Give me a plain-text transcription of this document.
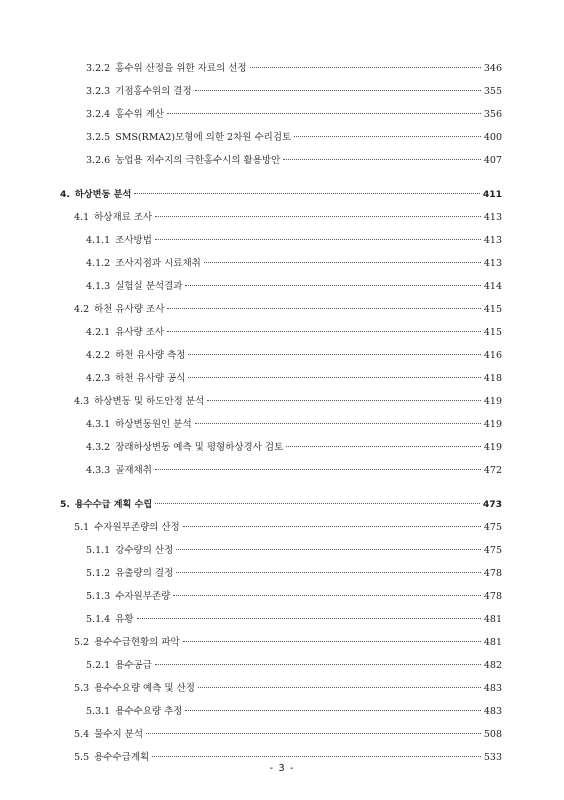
3.2.2 홍수위 산정을 위한 자료의 선정	346
3.2.3 기점홍수위의 결정	355
3.2.4 홍수위 계산	356
3.2.5 SMS(RMA2)모형에 의한 2차원 수리검토	400
3.2.6 농업용 저수지의 극한홍수시의 활용방안	407
4. 하상변동 분석	411
4.1 하상재료 조사	413
4.1.1 조사방법	413
4.1.2 조사지점과 시료채취	413
4.1.3 실험실 분석결과	414
4.2 하천 유사량 조사	415
4.2.1 유사량 조사	415
4.2.2 하천 유사량 측정	416
4.2.3 하천 유사량 공식	418
4.3 하상변동 및 하도안정 분석	419
4.3.1 하상변동원인 분석	419
4.3.2 장래하상변동 예측 및 평형하상경사 검토	419
4.3.3 골재채취	472
5. 용수수급 계획 수립	473
5.1 수자원부존량의 산정	475
5.1.1 강수량의 산정	475
5.1.2 유출량의 결정	478
5.1.3 수자원부존량	478
5.1.4 유황	481
5.2 용수수급현황의 파악	481
5.2.1 용수공급	482
5.3 용수수요량 예측 및 산정	483
5.3.1 용수수요량 추정	483
5.4 물수지 분석	508
5.5 용수수급계획	533
- 3 -
